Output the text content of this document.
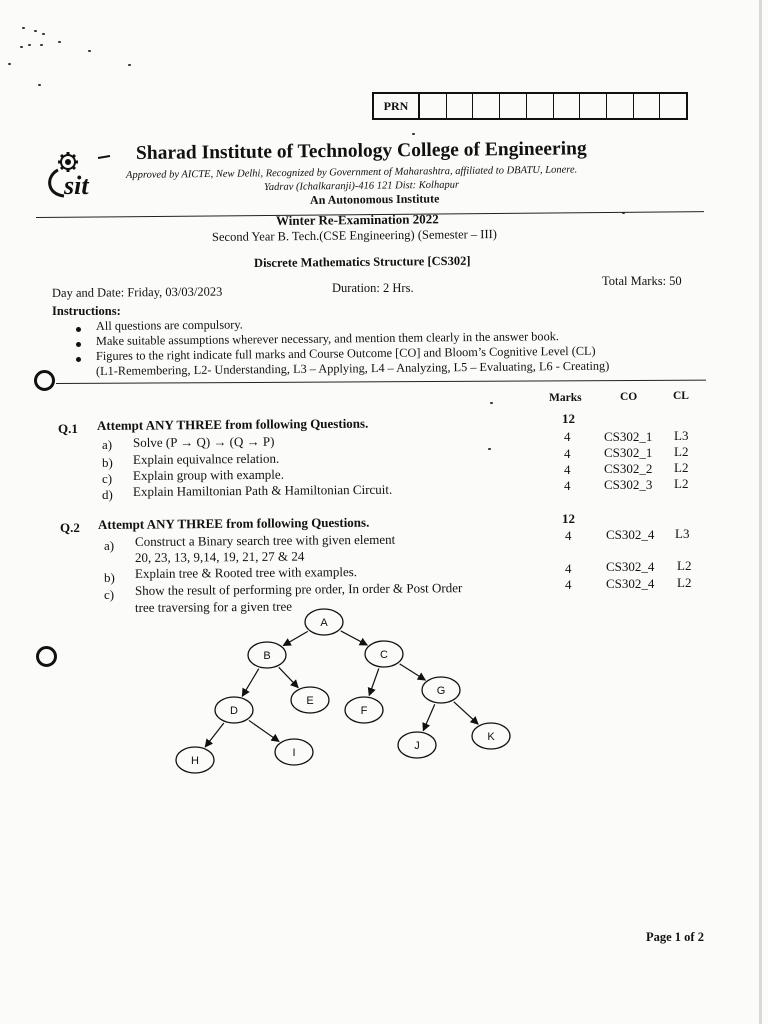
PRN
sit
Sharad Institute of Technology College of Engineering
Approved by AICTE, New Delhi, Recognized by Government of Maharashtra, affiliated to DBATU, Lonere.
Yadrav (Ichalkaranji)-416 121 Dist: Kolhapur
An Autonomous Institute
Winter Re-Examination 2022
Second Year B. Tech.(CSE Engineering) (Semester – III)
Discrete Mathematics Structure [CS302]
Day and Date: Friday, 03/03/2023	Duration: 2 Hrs.	Total Marks: 50
Instructions:
All questions are compulsory.
Make suitable assumptions wherever necessary, and mention them clearly in the answer book.
Figures to the right indicate full marks and Course Outcome [CO] and Bloom’s Cognitive Level (CL)
(L1-Remembering, L2- Understanding, L3 – Applying, L4 – Analyzing, L5 – Evaluating, L6 - Creating)
Marks	CO	CL
Q.1 Attempt ANY THREE from following Questions.	12
a) Solve (P → Q) → (Q → P)	4	CS302_1 L3
b) Explain equivalnce relation.	4	CS302_1 L2
c) Explain group with example.	4	CS302_2 L2
d) Explain Hamiltonian Path & Hamiltonian Circuit.	4	CS302_3 L2
Q.2 Attempt ANY THREE from following Questions.	12
a) Construct a Binary search tree with given element
20, 23, 13, 9,14, 19, 21, 27 & 24
4	CS302_4 L3
b) Explain tree & Rooted tree with examples.	4	CS302_4 L2
c) Show the result of performing pre order, In order & Post Order
tree traversing for a given tree
4	CS302_4 L2
A
B	C
D
E
F
G
H
I
J
K
Page 1 of 2
